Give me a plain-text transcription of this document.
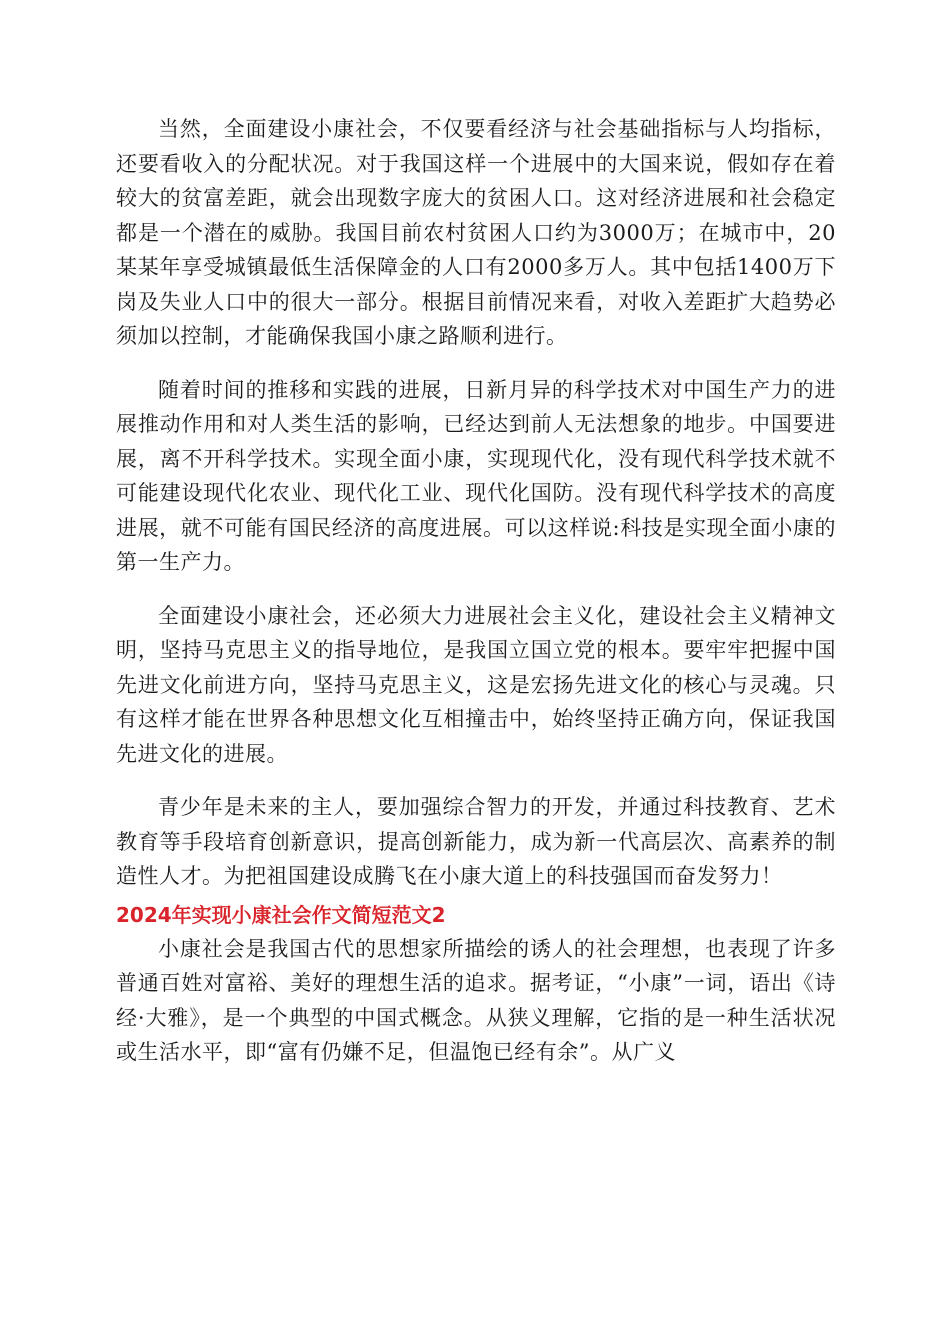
当然，全面建设小康社会，不仅要看经济与社会基础指标与人均指标，还要看收入的分配状况。对于我国这样一个进展中的大国来说，假如存在着较大的贫富差距，就会出现数字庞大的贫困人口。这对经济进展和社会稳定都是一个潜在的威胁。我国目前农村贫困人口约为3000万；在城市中，20某某年享受城镇最低生活保障金的人口有2000多万人。其中包括1400万下岗及失业人口中的很大一部分。根据目前情况来看，对收入差距扩大趋势必须加以控制，才能确保我国小康之路顺利进行。

随着时间的推移和实践的进展，日新月异的科学技术对中国生产力的进展推动作用和对人类生活的影响，已经达到前人无法想象的地步。中国要进展，离不开科学技术。实现全面小康，实现现代化，没有现代科学技术就不可能建设现代化农业、现代化工业、现代化国防。没有现代科学技术的高度进展，就不可能有国民经济的高度进展。可以这样说:科技是实现全面小康的第一生产力。

全面建设小康社会，还必须大力进展社会主义化，建设社会主义精神文明，坚持马克思主义的指导地位，是我国立国立党的根本。要牢牢把握中国先进文化前进方向，坚持马克思主义，这是宏扬先进文化的核心与灵魂。只有这样才能在世界各种思想文化互相撞击中，始终坚持正确方向，保证我国先进文化的进展。

青少年是未来的主人，要加强综合智力的开发，并通过科技教育、艺术教育等手段培育创新意识，提高创新能力，成为新一代高层次、高素养的制造性人才。为把祖国建设成腾飞在小康大道上的科技强国而奋发努力！

2024年实现小康社会作文简短范文2

小康社会是我国古代的思想家所描绘的诱人的社会理想，也表现了许多普通百姓对富裕、美好的理想生活的追求。据考证，“小康”一词，语出《诗经·大雅》，是一个典型的中国式概念。从狭义理解，它指的是一种生活状况或生活水平，即“富有仍嫌不足，但温饱已经有余”。从广义
